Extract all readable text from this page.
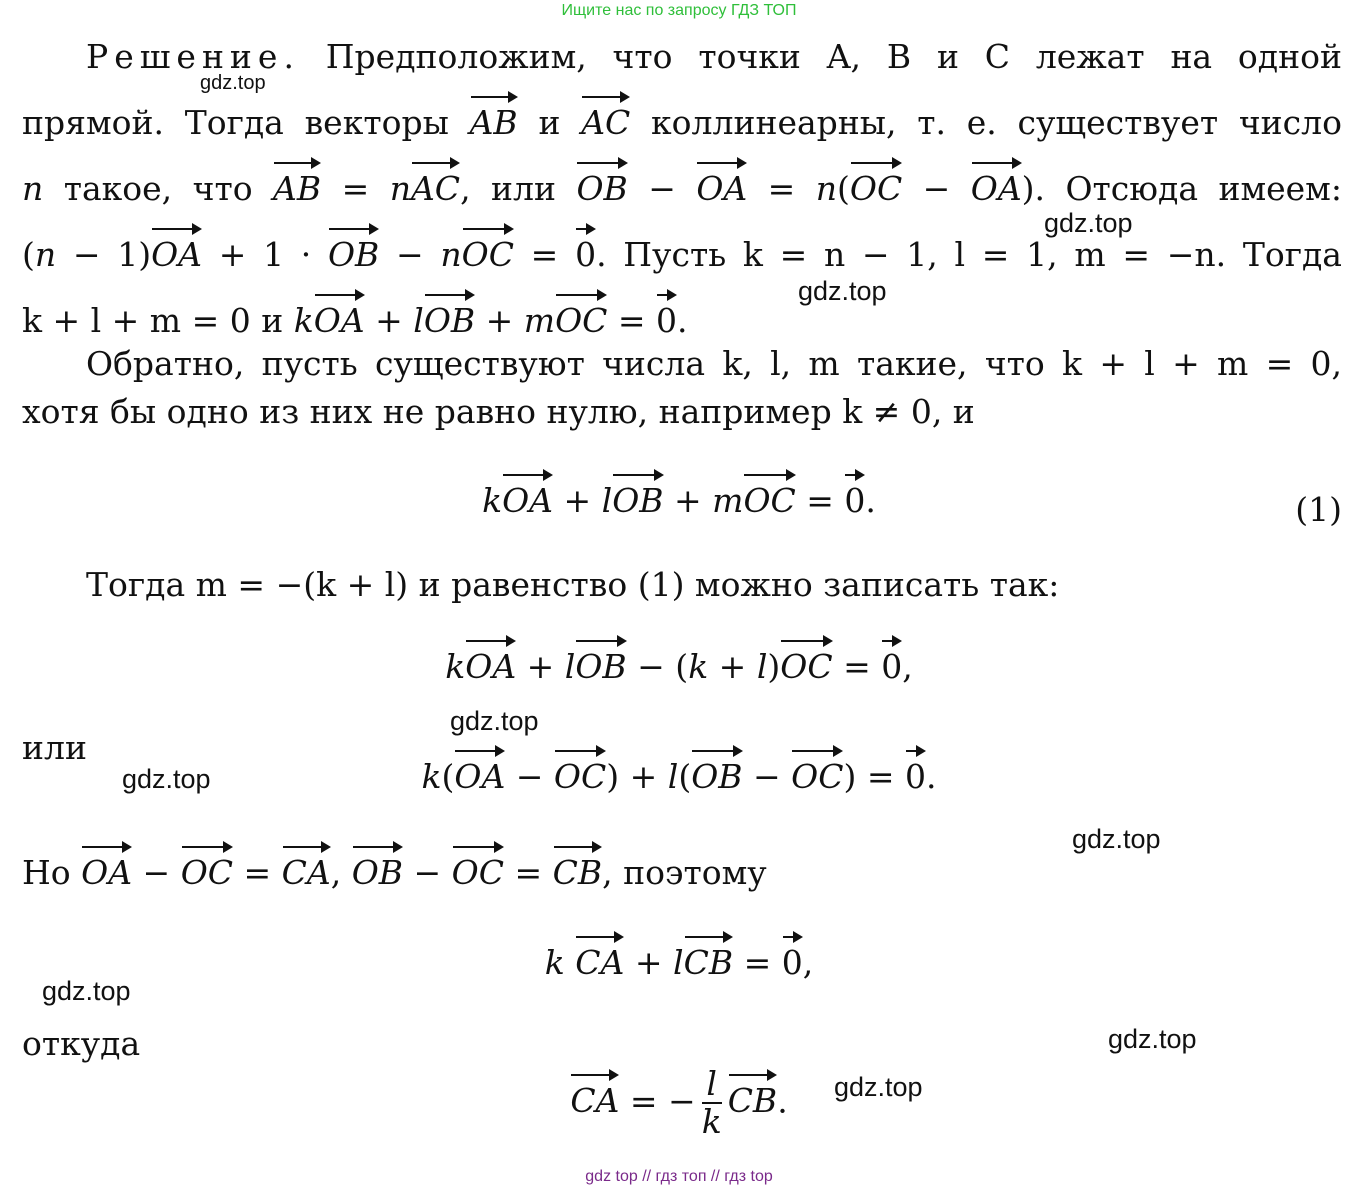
Ищите нас по запросу ГДЗ ТОП
Решение. Предположим, что точки A, B и C лежат на одной
прямой. Тогда векторы AB и AC коллинеарны, т. е. существует число
n такое, что AB = nAC, или OB − OA = n(OC − OA). Отсюда имеем:
(n − 1)OA + 1 · OB − nOC = 0. Пусть k = n − 1, l = 1, m = −n. Тогда
k + l + m = 0 и kOA + lOB + mOC = 0.
Обратно, пусть существуют числа k, l, m такие, что k + l + m = 0,
хотя бы одно из них не равно нулю, например k ≠ 0, и
kOA + lOB + mOC = 0.	(1)
Тогда m = −(k + l) и равенство (1) можно записать так:
kOA + lOB − (k + l)OC = 0,
или
k(OA − OC) + l(OB − OC) = 0.
Но OA − OC = CA, OB − OC = CB, поэтому
k CA + lCB = 0,
откуда
CA = − $\frac{l}{k}$ CB.
gdz.top
gdz.top
gdz.top
gdz.top
gdz.top
gdz.top
gdz.top
gdz.top
gdz.top
gdz top // гдз топ // гдз top
